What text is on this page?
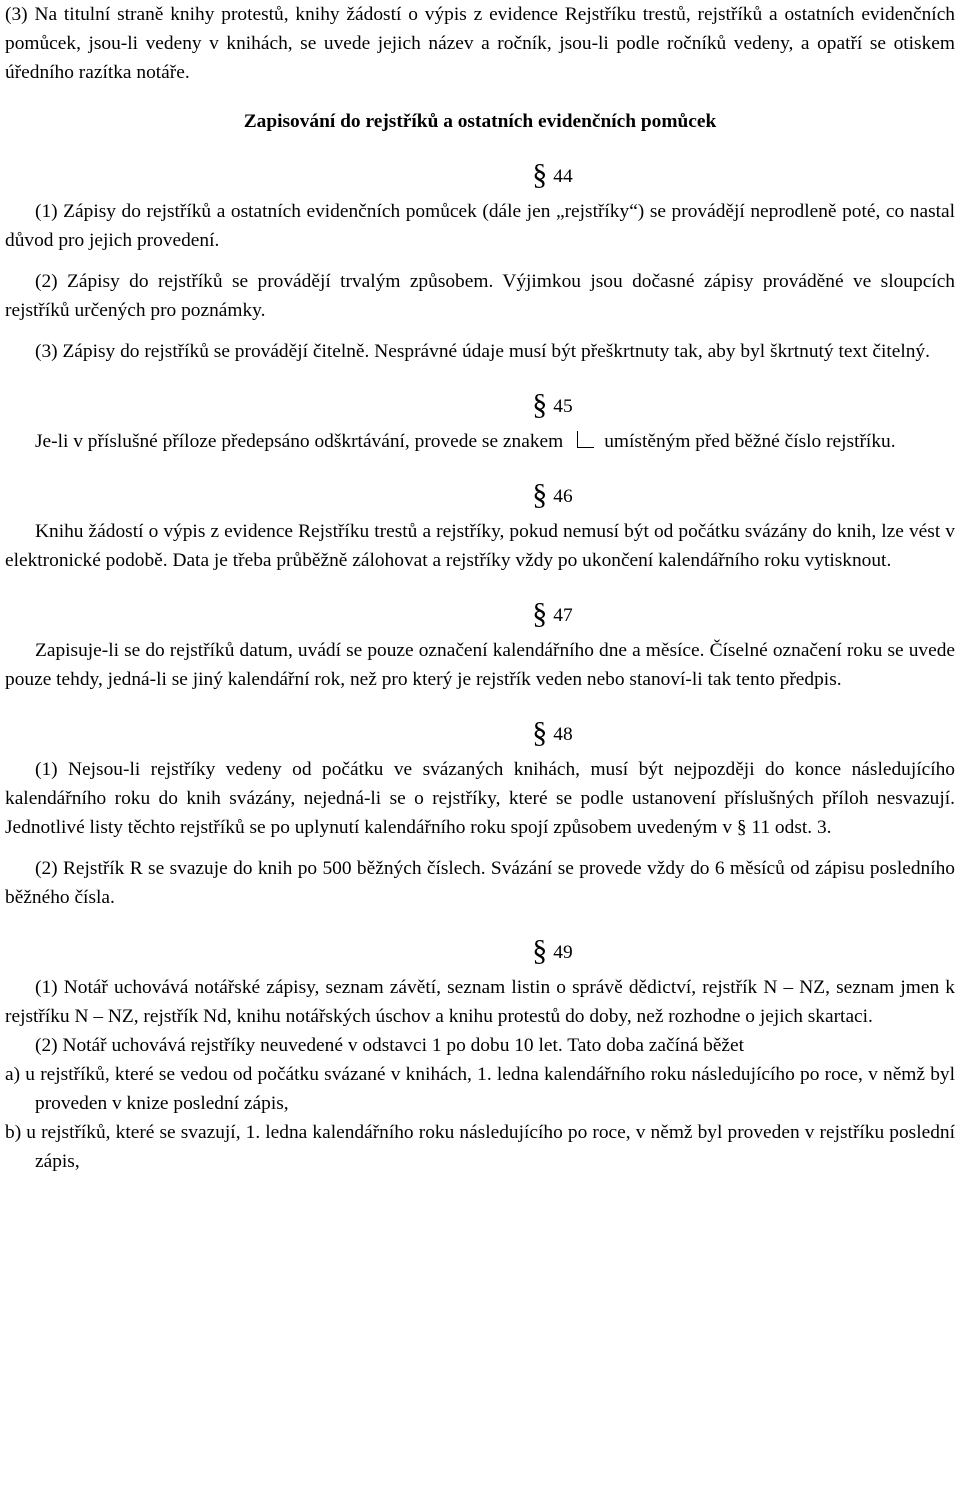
(3) Na titulní straně knihy protestů, knihy žádostí o výpis z evidence Rejstříku trestů, rejstříků a ostatních evidenčních pomůcek, jsou-li vedeny v knihách, se uvede jejich název a ročník, jsou-li podle ročníků vedeny, a opatří se otiskem úředního razítka notáře.

Zapisování do rejstříků a ostatních evidenčních pomůcek

§ 44

(1) Zápisy do rejstříků a ostatních evidenčních pomůcek (dále jen „rejstříky“) se provádějí neprodleně poté, co nastal důvod pro jejich provedení.

(2) Zápisy do rejstříků se provádějí trvalým způsobem. Výjimkou jsou dočasné zápisy prováděné ve sloupcích rejstříků určených pro poznámky.

(3) Zápisy do rejstříků se provádějí čitelně. Nesprávné údaje musí být přeškrtnuty tak, aby byl škrtnutý text čitelný.

§ 45

Je-li v příslušné příloze předepsáno odškrtávání, provede se znakem umístěným před běžné číslo rejstříku.

§ 46

Knihu žádostí o výpis z evidence Rejstříku trestů a rejstříky, pokud nemusí být od počátku svázány do knih, lze vést v elektronické podobě. Data je třeba průběžně zálohovat a rejstříky vždy po ukončení kalendářního roku vytisknout.

§ 47

Zapisuje-li se do rejstříků datum, uvádí se pouze označení kalendářního dne a měsíce. Číselné označení roku se uvede pouze tehdy, jedná-li se jiný kalendářní rok, než pro který je rejstřík veden nebo stanoví-li tak tento předpis.

§ 48

(1) Nejsou-li rejstříky vedeny od počátku ve svázaných knihách, musí být nejpozději do konce následujícího kalendářního roku do knih svázány, nejedná-li se o rejstříky, které se podle ustanovení příslušných příloh nesvazují. Jednotlivé listy těchto rejstříků se po uplynutí kalendářního roku spojí způsobem uvedeným v § 11 odst. 3.

(2) Rejstřík R se svazuje do knih po 500 běžných číslech. Svázání se provede vždy do 6 měsíců od zápisu posledního běžného čísla.

§ 49

(1) Notář uchovává notářské zápisy, seznam závětí, seznam listin o správě dědictví, rejstřík N – NZ, seznam jmen k rejstříku N – NZ, rejstřík Nd, knihu notářských úschov a knihu protestů do doby, než rozhodne o jejich skartaci.

(2) Notář uchovává rejstříky neuvedené v odstavci 1 po dobu 10 let. Tato doba začíná běžet

a) u rejstříků, které se vedou od počátku svázané v knihách, 1. ledna kalendářního roku následujícího po roce, v němž byl proveden v knize poslední zápis,

b) u rejstříků, které se svazují, 1. ledna kalendářního roku následujícího po roce, v němž byl proveden v rejstříku poslední zápis,
